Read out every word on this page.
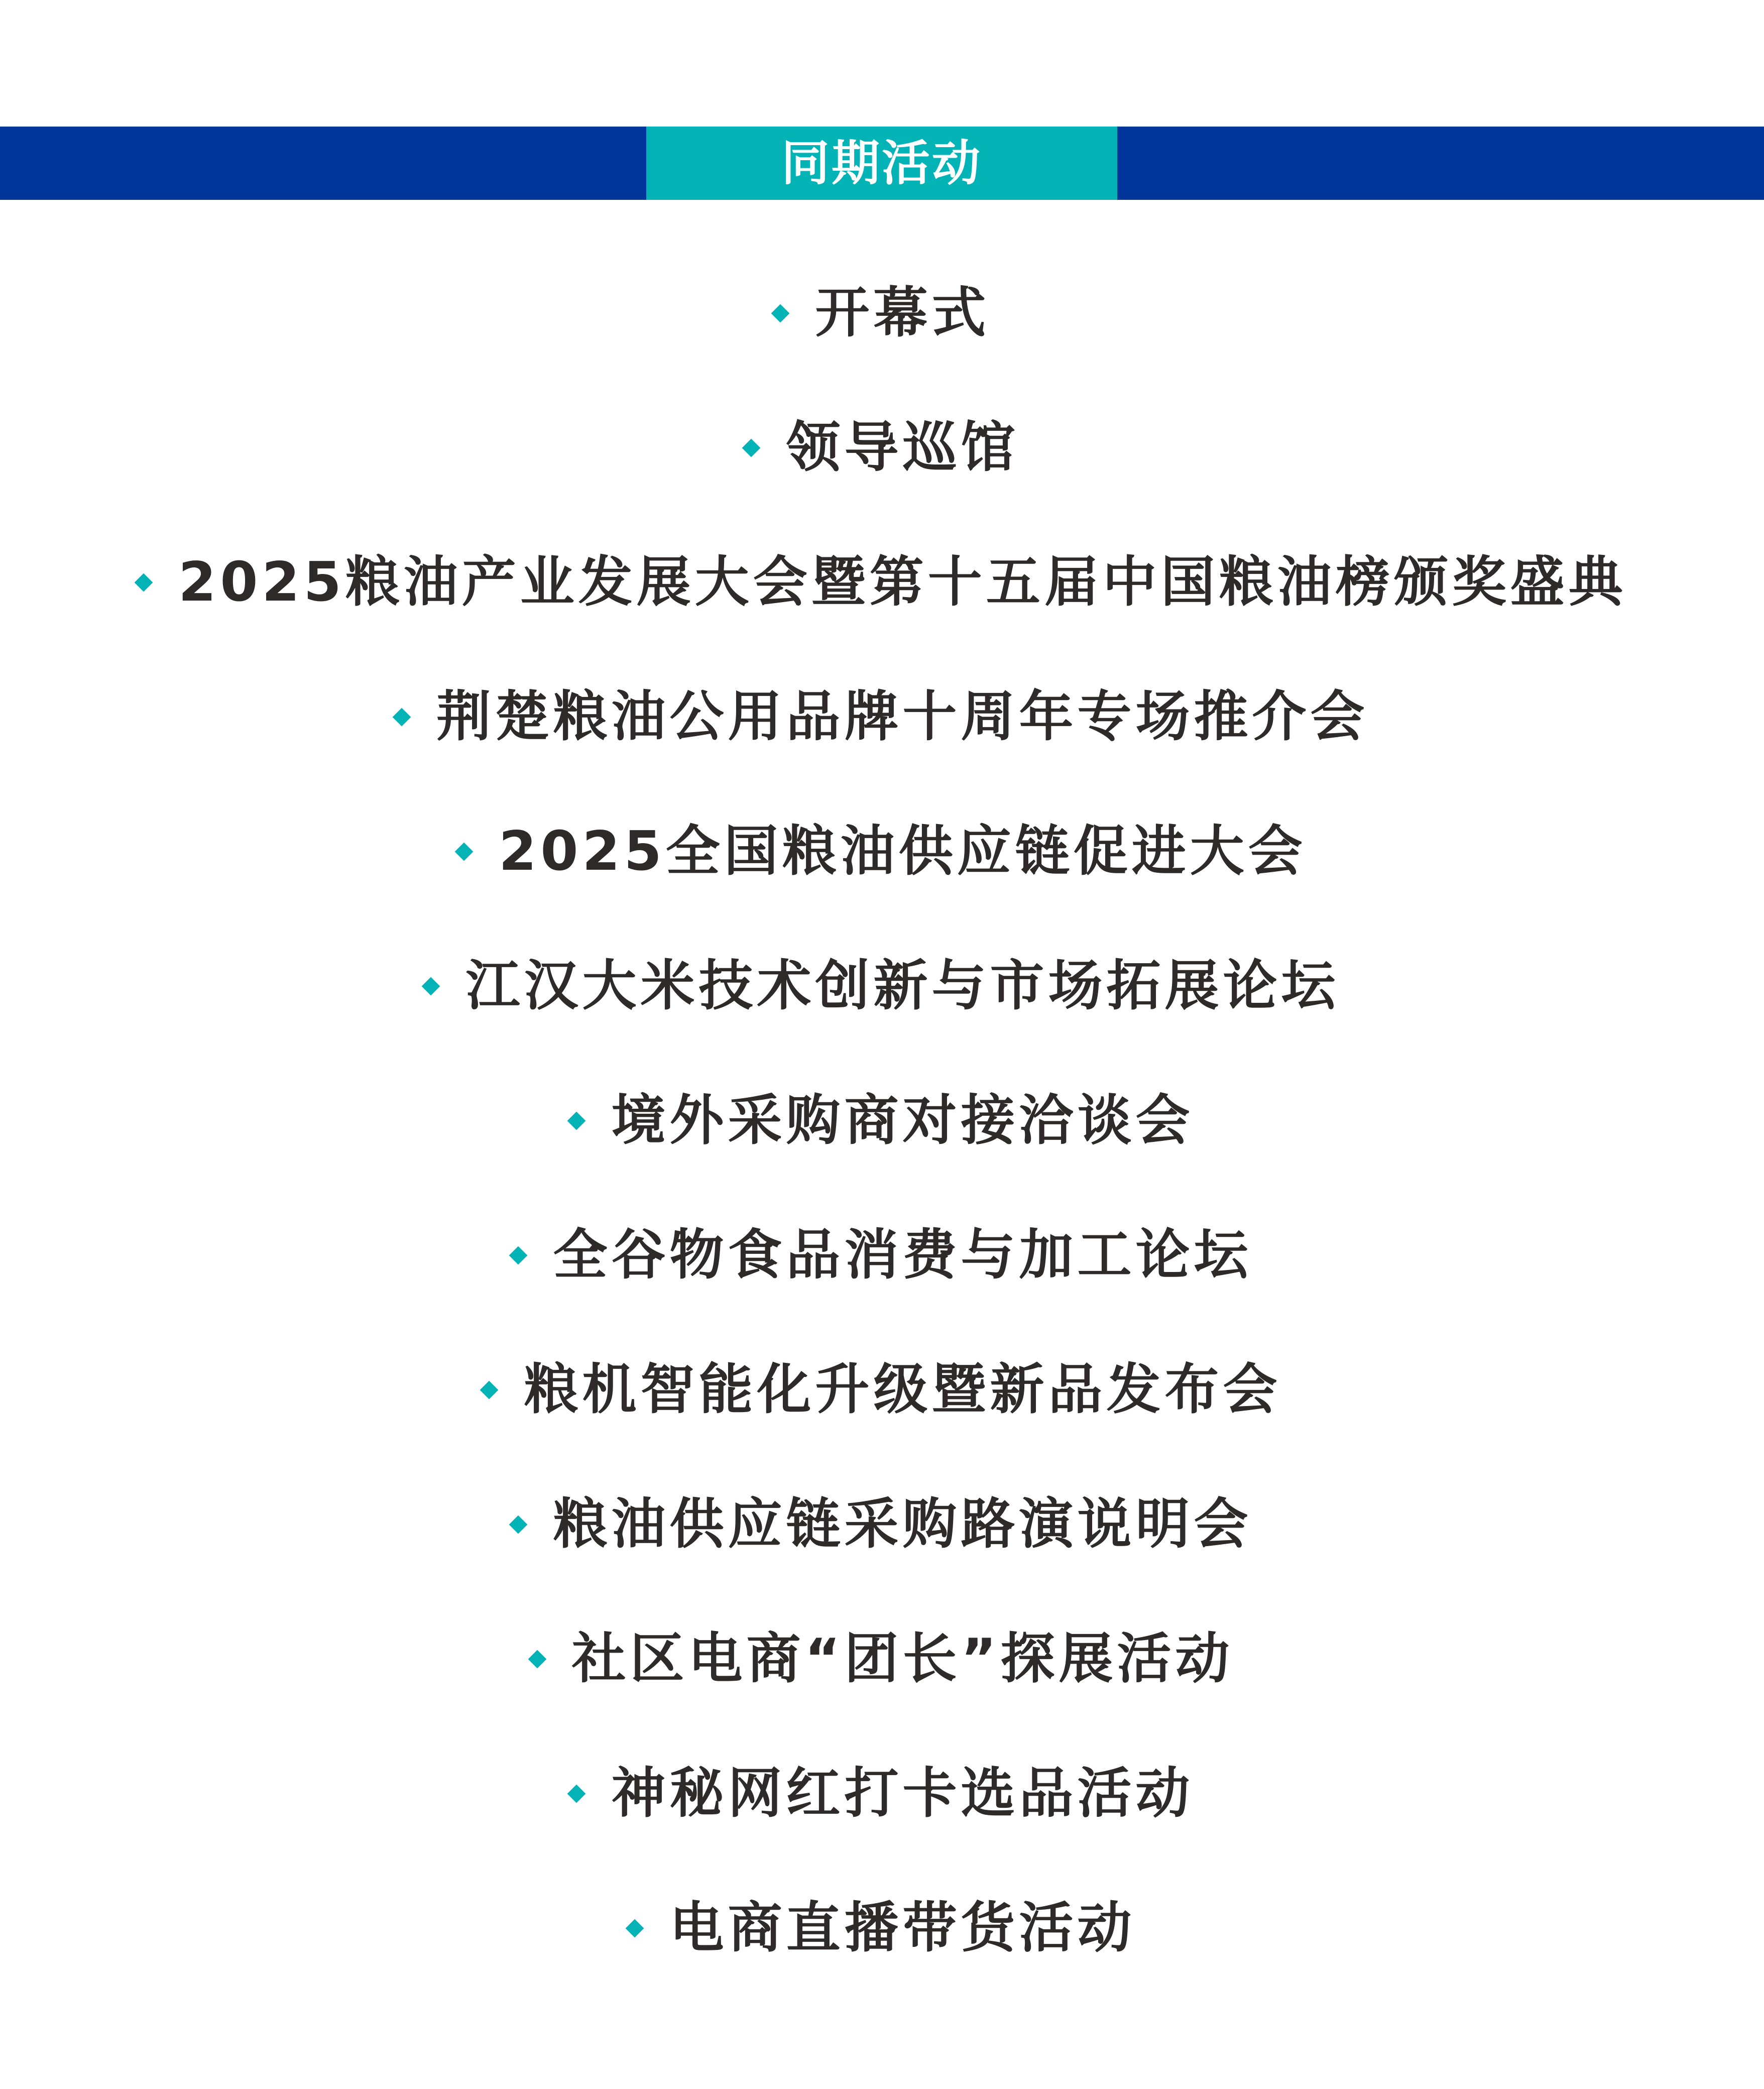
同期活动
开幕式
领导巡馆
2025粮油产业发展大会暨第十五届中国粮油榜颁奖盛典
荆楚粮油公用品牌十周年专场推介会
2025全国粮油供应链促进大会
江汉大米技术创新与市场拓展论坛
境外采购商对接洽谈会
全谷物食品消费与加工论坛
粮机智能化升级暨新品发布会
粮油供应链采购路演说明会
社区电商“团长”探展活动
神秘网红打卡选品活动
电商直播带货活动
